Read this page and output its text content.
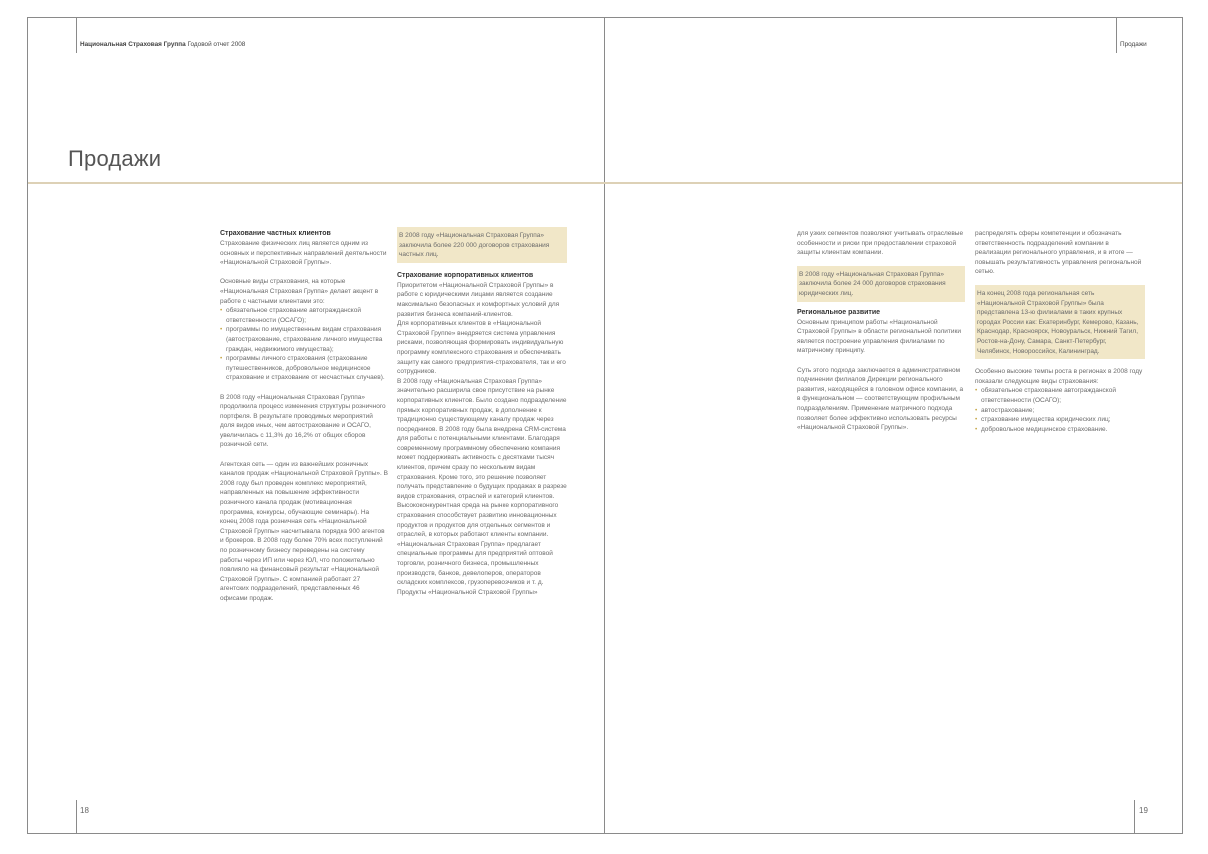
Национальная Страховая Группа Годовой отчет 2008	Продажи
Продажи
18	19
Страхование частных клиентов

Страхование физических лиц является одним из основных и перспективных направлений деятельности «Национальной Страховой Группы».

Основные виды страхования, на которые «Национальная Страховая Группа» делает акцент в работе с частными клиентами это:

• обязательное страхование автогражданской ответственности (ОСАГО);
• программы по имущественным видам страхования (автострахование, страхование личного имущества граждан, недвижимого имущества);
• программы личного страхования (страхование путешественников, добровольное медицинское страхование и страхование от несчастных случаев).

В 2008 году «Национальная Страховая Группа» продолжила процесс изменения структуры розничного портфеля. В результате проводимых мероприятий доля видов иных, чем автострахование и ОСАГО, увеличилась с 11,3% до 16,2% от общих сборов розничной сети.

Агентская сеть — один из важнейших розничных каналов продаж «Национальной Страховой Группы». В 2008 году был проведен комплекс мероприятий, направленных на повышение эффективности розничного канала продаж (мотивационная программа, конкурсы, обучающие семинары). На конец 2008 года розничная сеть «Национальной Страховой Группы» насчитывала порядка 900 агентов и брокеров. В 2008 году более 70% всех поступлений по розничному бизнесу переведены на систему работы через ИП или через ЮЛ, что положительно повлияло на финансовый результат «Национальной Страховой Группы». С компанией работает 27 агентских подразделений, представленных 46 офисами продаж.

В 2008 году «Национальная Страховая Группа» заключила более 220 000 договоров страхования частных лиц.

Страхование корпоративных клиентов

Приоритетом «Национальной Страховой Группы» в работе с юридическими лицами является создание максимально безопасных и комфортных условий для развития бизнеса компаний-клиентов.

Для корпоративных клиентов в «Национальной Страховой Группе» внедряется система управления рисками, позволяющая формировать индивидуальную программу комплексного страхования и обеспечивать защиту как самого предприятия-страхователя, так и его сотрудников.

В 2008 году «Национальная Страховая Группа» значительно расширила свое присутствие на рынке корпоративных клиентов. Было создано подразделение прямых корпоративных продаж, в дополнение к традиционно существующему каналу продаж через посредников. В 2008 году была внедрена CRM-система для работы с потенциальными клиентами. Благодаря современному программному обеспечению компания может поддерживать активность с десятками тысяч клиентов, причем сразу по нескольким видам страхования. Кроме того, это решение позволяет получать представление о будущих продажах в разрезе видов страхования, отраслей и категорий клиентов.

Высококонкурентная среда на рынке корпоративного страхования способствует развитию инновационных продуктов и продуктов для отдельных сегментов и отраслей, в которых работают клиенты компании. «Национальная Страховая Группа» предлагает специальные программы для предприятий оптовой торговли, розничного бизнеса, промышленных производств, банков, девелоперов, операторов складских комплексов, грузоперевозчиков и т. д. Продукты «Национальной Страховой Группы»

для узких сегментов позволяют учитывать отраслевые особенности и риски при предоставлении страховой защиты клиентам компании.

В 2008 году «Национальная Страховая Группа» заключила более 24 000 договоров страхования юридических лиц.

Региональное развитие

Основным принципом работы «Национальной Страховой Группы» в области региональной политики является построение управления филиалами по матричному принципу.

Суть этого подхода заключается в административном подчинении филиалов Дирекции регионального развития, находящейся в головном офисе компании, а в функциональном — соответствующим профильным подразделениям. Применение матричного подхода позволяет более эффективно использовать ресурсы «Национальной Страховой Группы».

распределять сферы компетенции и обозначать ответственность подразделений компании в реализации регионального управления, и в итоге — повышать результативность управления региональной сетью.

На конец 2008 года региональная сеть «Национальной Страховой Группы» была представлена 13-ю филиалами в таких крупных городах России как: Екатеринбург, Кемерово, Казань, Краснодар, Красноярск, Новоуральск, Нижний Тагил, Ростов-на-Дону, Самара, Санкт-Петербург, Челябинск, Новороссийск, Калининград.

Особенно высокие темпы роста в регионах в 2008 году показали следующие виды страхования:

• обязательное страхование автогражданской ответственности (ОСАГО);
• автострахование;
• страхование имущества юридических лиц;
• добровольное медицинское страхование.
